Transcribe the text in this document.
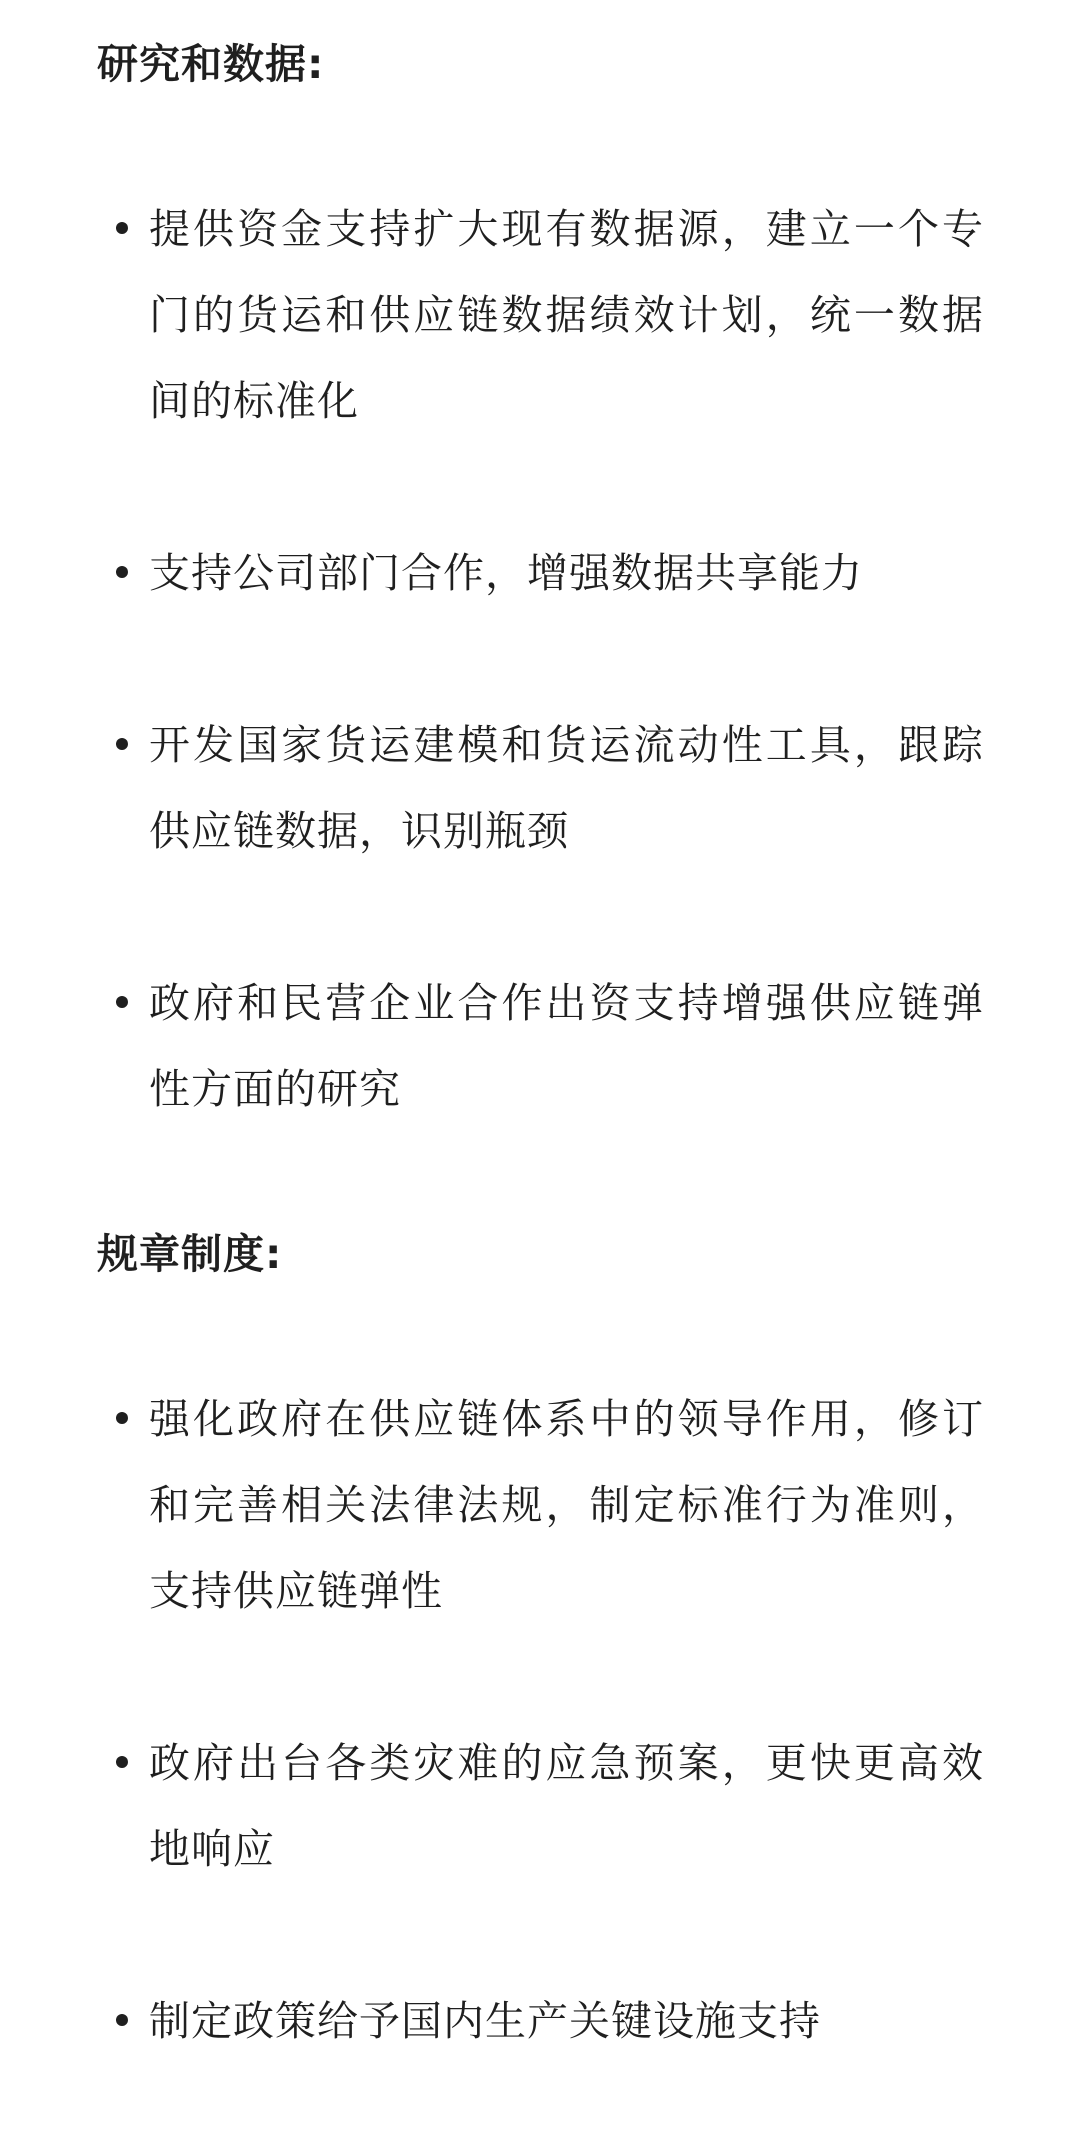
研究和数据:
提供资金支持扩大现有数据源，建立一个专门的货运和供应链数据绩效计划，统一数据间的标准化
支持公司部门合作，增强数据共享能力
开发国家货运建模和货运流动性工具，跟踪供应链数据，识别瓶颈
政府和民营企业合作出资支持增强供应链弹性方面的研究
规章制度:
强化政府在供应链体系中的领导作用，修订和完善相关法律法规，制定标准行为准则，支持供应链弹性
政府出台各类灾难的应急预案，更快更高效地响应
制定政策给予国内生产关键设施支持
